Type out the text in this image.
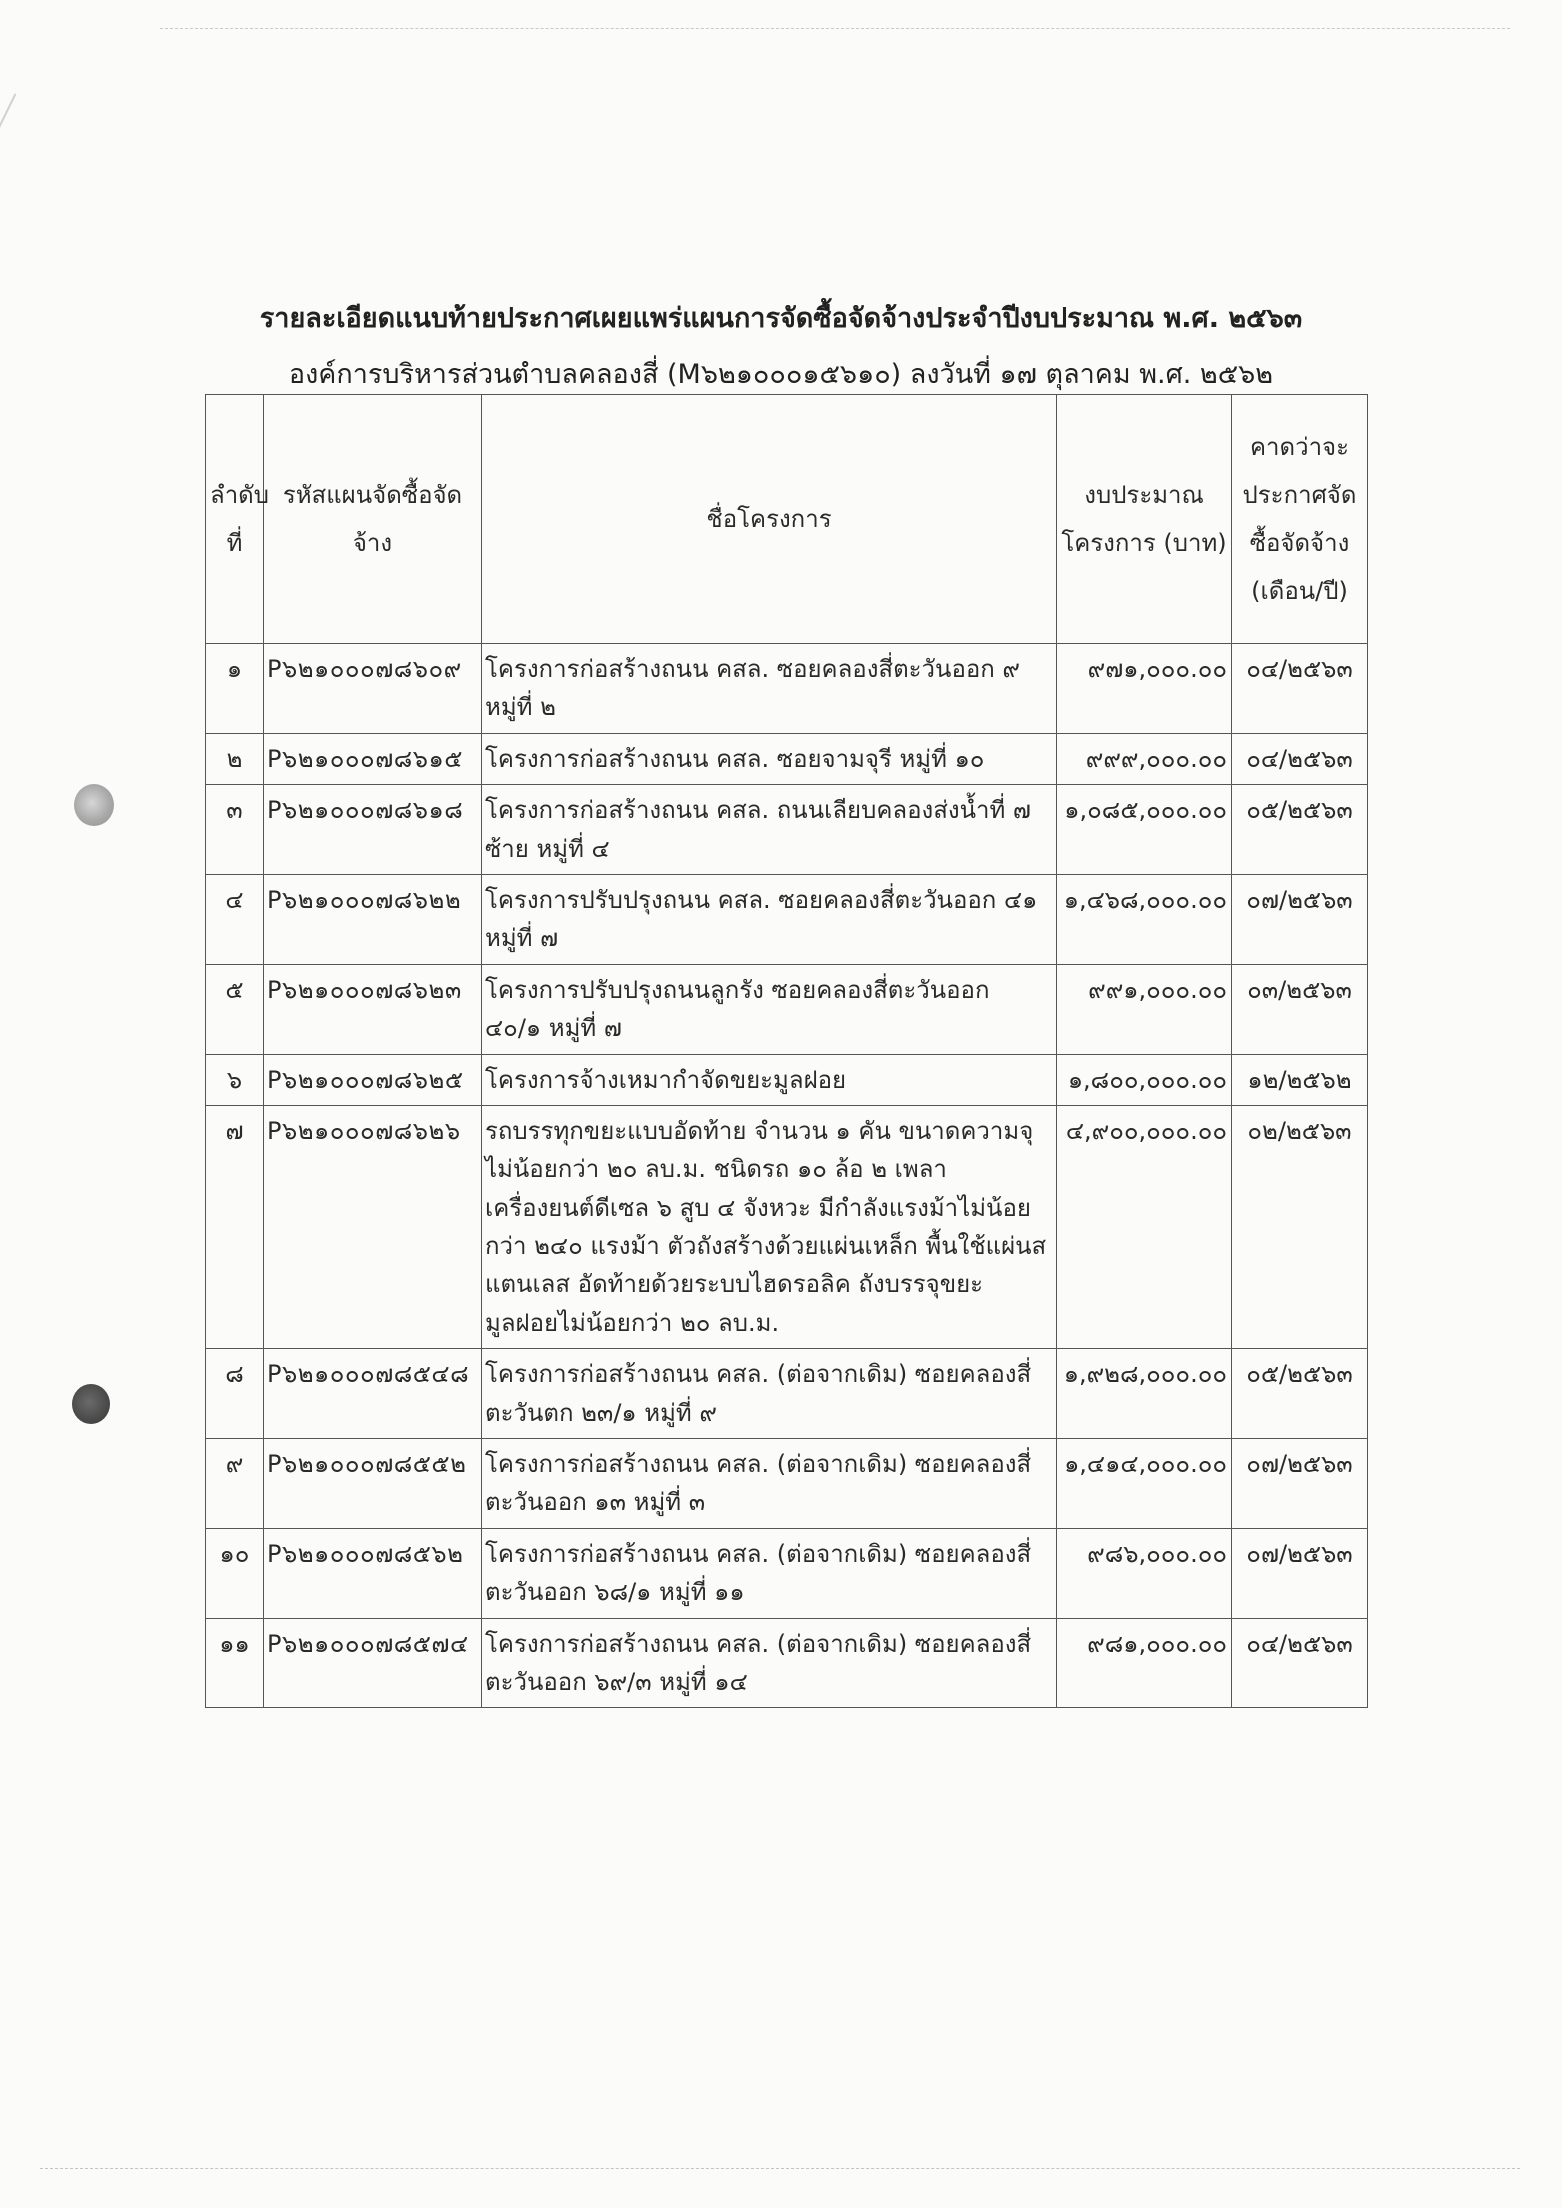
รายละเอียดแนบท้ายประกาศเผยแพร่แผนการจัดซื้อจัดจ้างประจำปีงบประมาณ พ.ศ. ๒๕๖๓
องค์การบริหารส่วนตำบลคลองสี่ (M๖๒๑๐๐๐๑๕๖๑๐) ลงวันที่ ๑๗ ตุลาคม พ.ศ. ๒๕๖๒
ลำดับที่	รหัสแผนจัดซื้อจัดจ้าง	ชื่อโครงการ	งบประมาณโครงการ (บาท)	คาดว่าจะประกาศจัดซื้อจัดจ้าง (เดือน/ปี)
๑	P๖๒๑๐๐๐๗๘๖๐๙	โครงการก่อสร้างถนน คสล. ซอยคลองสี่ตะวันออก ๙ หมู่ที่ ๒	๙๗๑,๐๐๐.๐๐	๐๔/๒๕๖๓
๒	P๖๒๑๐๐๐๗๘๖๑๕	โครงการก่อสร้างถนน คสล. ซอยจามจุรี หมู่ที่ ๑๐	๙๙๙,๐๐๐.๐๐	๐๔/๒๕๖๓
๓	P๖๒๑๐๐๐๗๘๖๑๘	โครงการก่อสร้างถนน คสล. ถนนเลียบคลองส่งน้ำที่ ๗ ซ้าย หมู่ที่ ๔	๑,๐๘๕,๐๐๐.๐๐	๐๕/๒๕๖๓
๔	P๖๒๑๐๐๐๗๘๖๒๒	โครงการปรับปรุงถนน คสล. ซอยคลองสี่ตะวันออก ๔๑ หมู่ที่ ๗	๑,๔๖๘,๐๐๐.๐๐	๐๗/๒๕๖๓
๕	P๖๒๑๐๐๐๗๘๖๒๓	โครงการปรับปรุงถนนลูกรัง ซอยคลองสี่ตะวันออก ๔๐/๑ หมู่ที่ ๗	๙๙๑,๐๐๐.๐๐	๐๓/๒๕๖๓
๖	P๖๒๑๐๐๐๗๘๖๒๕	โครงการจ้างเหมากำจัดขยะมูลฝอย	๑,๘๐๐,๐๐๐.๐๐	๑๒/๒๕๖๒
๗	P๖๒๑๐๐๐๗๘๖๒๖	รถบรรทุกขยะแบบอัดท้าย จำนวน ๑ คัน ขนาดความจุไม่น้อยกว่า ๒๐ ลบ.ม. ชนิดรถ ๑๐ ล้อ ๒ เพลา เครื่องยนต์ดีเซล ๖ สูบ ๔ จังหวะ มีกำลังแรงม้าไม่น้อยกว่า ๒๔๐ แรงม้า ตัวถังสร้างด้วยแผ่นเหล็ก พื้นใช้แผ่นสแตนเลส อัดท้ายด้วยระบบไฮดรอลิค ถังบรรจุขยะมูลฝอยไม่น้อยกว่า ๒๐ ลบ.ม.	๔,๙๐๐,๐๐๐.๐๐	๐๒/๒๕๖๓
๘	P๖๒๑๐๐๐๗๘๕๔๘	โครงการก่อสร้างถนน คสล. (ต่อจากเดิม) ซอยคลองสี่ตะวันตก ๒๓/๑ หมู่ที่ ๙	๑,๙๒๘,๐๐๐.๐๐	๐๕/๒๕๖๓
๙	P๖๒๑๐๐๐๗๘๕๕๒	โครงการก่อสร้างถนน คสล. (ต่อจากเดิม) ซอยคลองสี่ตะวันออก ๑๓ หมู่ที่ ๓	๑,๔๑๔,๐๐๐.๐๐	๐๗/๒๕๖๓
๑๐	P๖๒๑๐๐๐๗๘๕๖๒	โครงการก่อสร้างถนน คสล. (ต่อจากเดิม) ซอยคลองสี่ตะวันออก ๖๘/๑ หมู่ที่ ๑๑	๙๘๖,๐๐๐.๐๐	๐๗/๒๕๖๓
๑๑	P๖๒๑๐๐๐๗๘๕๗๔	โครงการก่อสร้างถนน คสล. (ต่อจากเดิม) ซอยคลองสี่ตะวันออก ๖๙/๓ หมู่ที่ ๑๔	๙๘๑,๐๐๐.๐๐	๐๔/๒๕๖๓
